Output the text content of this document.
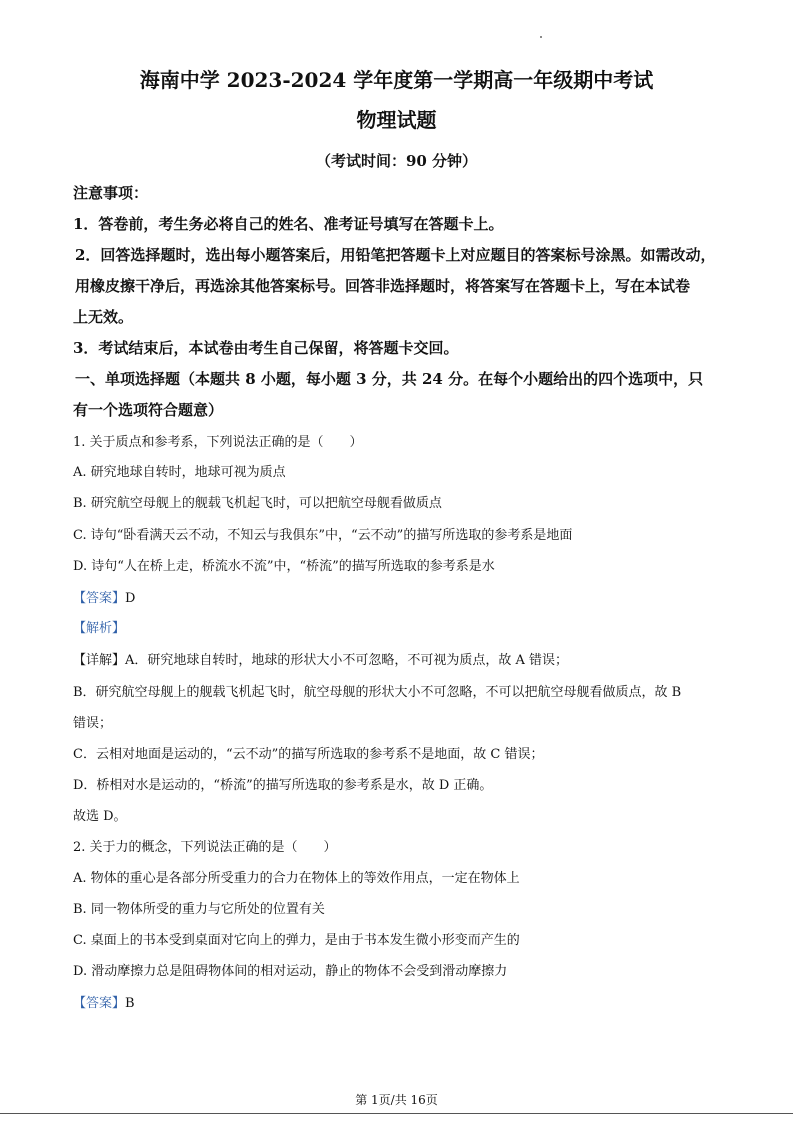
海南中学 2023-2024 学年度第一学期高一年级期中考试
物理试题
（考试时间：90 分钟）
注意事项：
1．答卷前，考生务必将自己的姓名、准考证号填写在答题卡上。
2．回答选择题时，选出每小题答案后，用铅笔把答题卡上对应题目的答案标号涂黑。如需改动，
用橡皮擦干净后，再选涂其他答案标号。回答非选择题时，将答案写在答题卡上，写在本试卷
上无效。
3．考试结束后，本试卷由考生自己保留，将答题卡交回。
一、单项选择题（本题共 8 小题，每小题 3 分，共 24 分。在每个小题给出的四个选项中，只
有一个选项符合题意）
1. 关于质点和参考系，下列说法正确的是（　　）
A. 研究地球自转时，地球可视为质点
B. 研究航空母舰上的舰载飞机起飞时，可以把航空母舰看做质点
C. 诗句“卧看满天云不动，不知云与我俱东”中，“云不动”的描写所选取的参考系是地面
D. 诗句“人在桥上走，桥流水不流”中，“桥流”的描写所选取的参考系是水
【答案】D
【解析】
【详解】A．研究地球自转时，地球的形状大小不可忽略，不可视为质点，故 A 错误；
B．研究航空母舰上的舰载飞机起飞时，航空母舰的形状大小不可忽略，不可以把航空母舰看做质点，故 B
错误；
C．云相对地面是运动的，“云不动”的描写所选取的参考系不是地面，故 C 错误；
D．桥相对水是运动的，“桥流”的描写所选取的参考系是水，故 D 正确。
故选 D。
2. 关于力的概念，下列说法正确的是（　　）
A. 物体的重心是各部分所受重力的合力在物体上的等效作用点，一定在物体上
B. 同一物体所受的重力与它所处的位置有关
C. 桌面上的书本受到桌面对它向上的弹力，是由于书本发生微小形变而产生的
D. 滑动摩擦力总是阻碍物体间的相对运动，静止的物体不会受到滑动摩擦力
【答案】B
第 1页/共 16页
